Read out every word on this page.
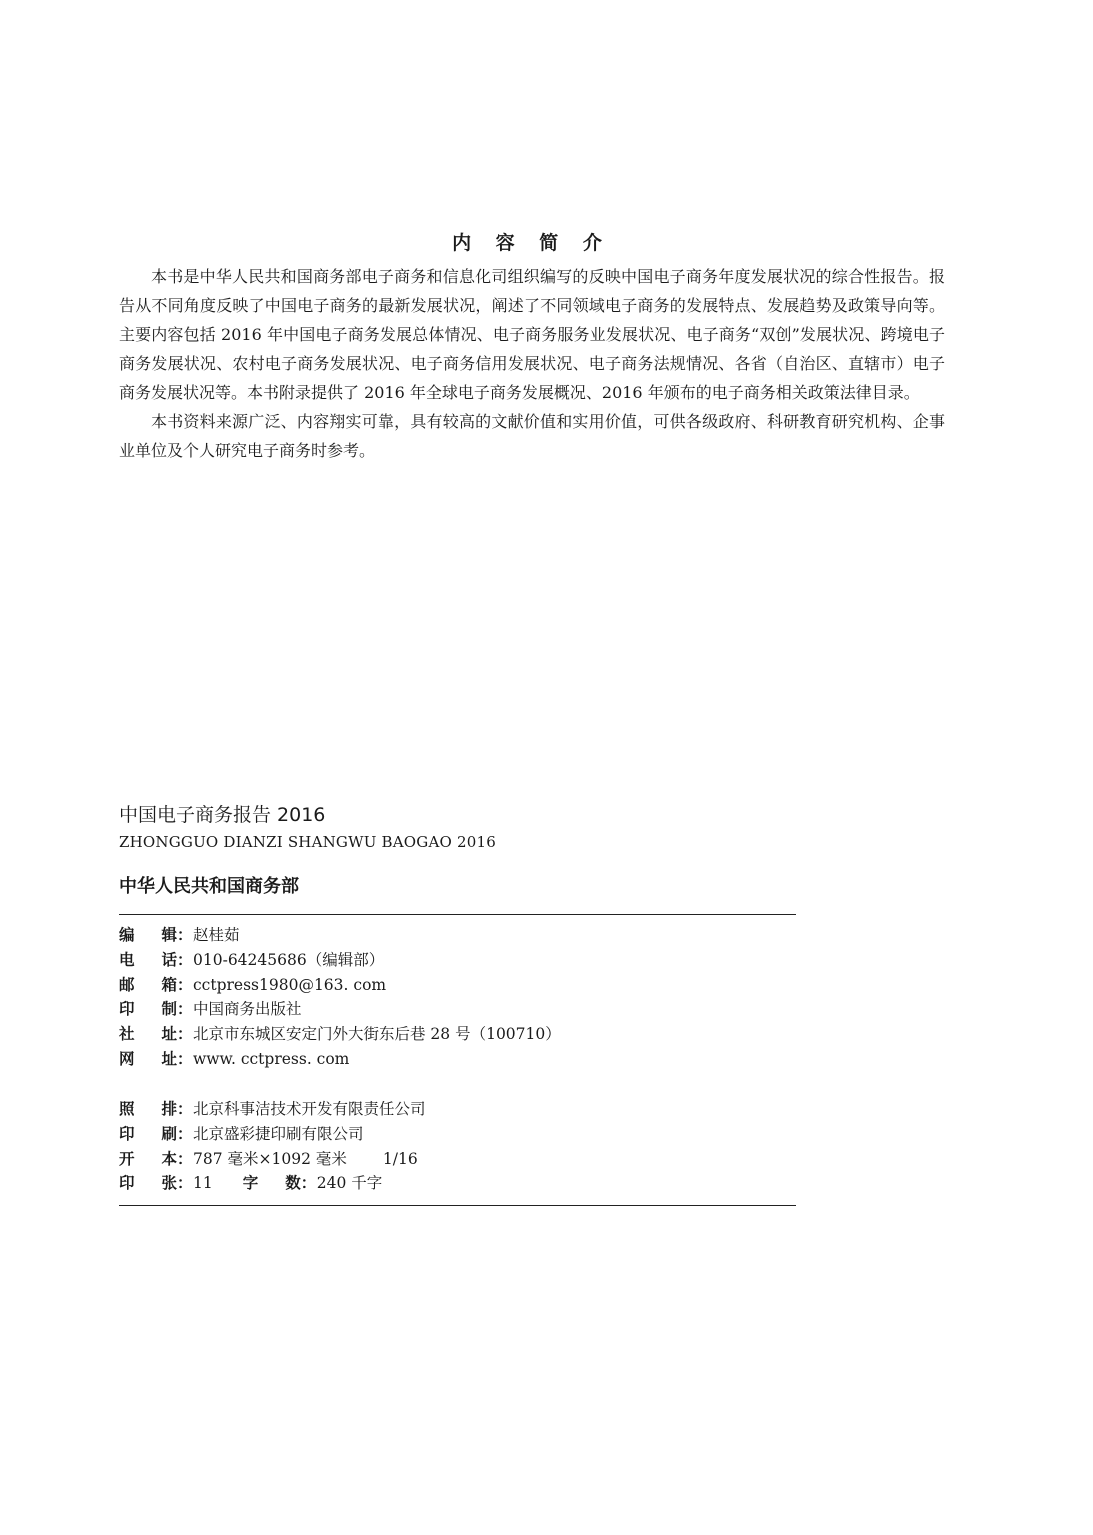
内 容 简 介

本书是中华人民共和国商务部电子商务和信息化司组织编写的反映中国电子商务年度发展状况的综合性报告。报告从不同角度反映了中国电子商务的最新发展状况，阐述了不同领域电子商务的发展特点、发展趋势及政策导向等。主要内容包括 2016 年中国电子商务发展总体情况、电子商务服务业发展状况、电子商务“双创”发展状况、跨境电子商务发展状况、农村电子商务发展状况、电子商务信用发展状况、电子商务法规情况、各省（自治区、直辖市）电子商务发展状况等。本书附录提供了 2016 年全球电子商务发展概况、2016 年颁布的电子商务相关政策法律目录。

本书资料来源广泛、内容翔实可靠，具有较高的文献价值和实用价值，可供各级政府、科研教育研究机构、企事业单位及个人研究电子商务时参考。

中国电子商务报告 2016
ZHONGGUO DIANZI SHANGWU BAOGAO 2016
中华人民共和国商务部
编辑：赵桂茹
电话：010-64245686（编辑部）
邮箱：cctpress1980@163. com
印制：中国商务出版社
社址：北京市东城区安定门外大街东后巷 28 号（100710）
网址：www. cctpress. com
照排：北京科事洁技术开发有限责任公司
印刷：北京盛彩捷印刷有限公司
开本：787 毫米×1092 毫米 1/16
印张：11 字数：240 千字
